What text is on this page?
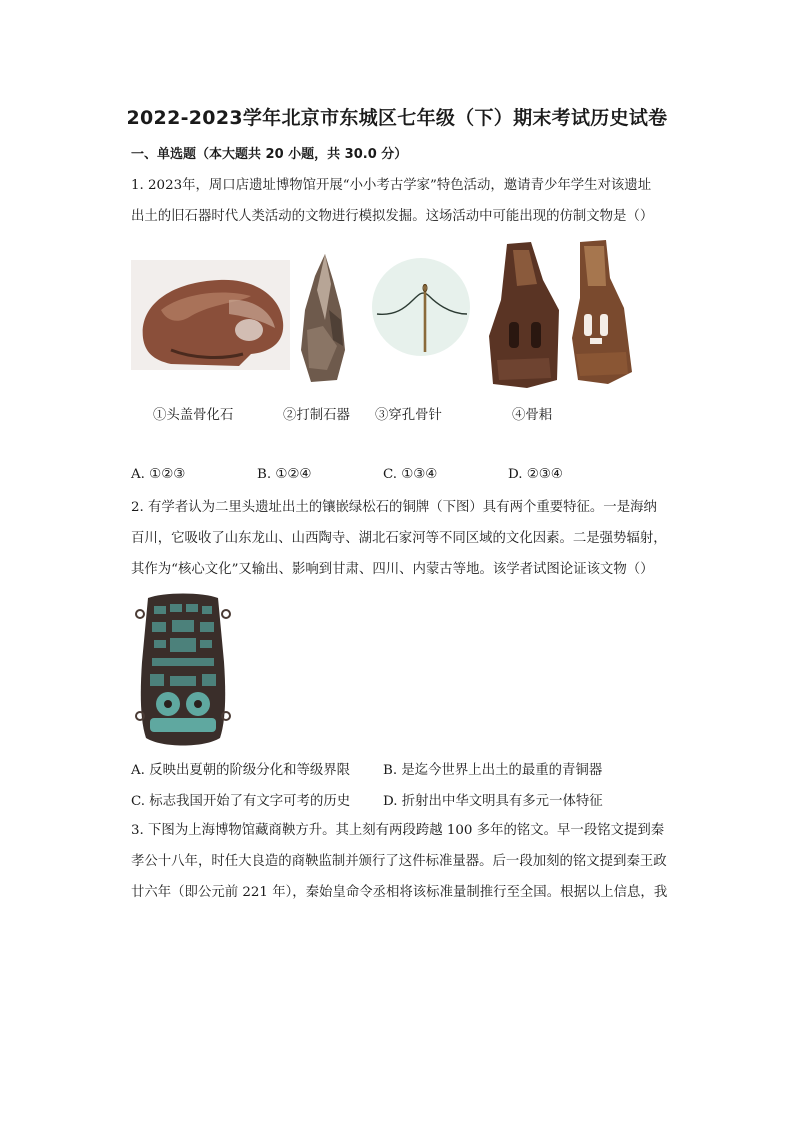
2022-2023学年北京市东城区七年级（下）期末考试历史试卷
一、单选题（本大题共 20 小题，共 30.0 分）
1. 2023年，周口店遗址博物馆开展“小小考古学家”特色活动，邀请青少年学生对该遗址
出土的旧石器时代人类活动的文物进行模拟发掘。这场活动中可能出现的仿制文物是（）
①头盖骨化石	②打制石器 ③穿孔骨针	④骨耜
A. ①②③	B. ①②④	C. ①③④	D. ②③④
2. 有学者认为二里头遗址出土的镶嵌绿松石的铜牌（下图）具有两个重要特征。一是海纳
百川，它吸收了山东龙山、山西陶寺、湖北石家河等不同区域的文化因素。二是强势辐射，
其作为“核心文化”又输出、影响到甘肃、四川、内蒙古等地。该学者试图论证该文物（）
A. 反映出夏朝的阶级分化和等级界限 B. 是迄今世界上出土的最重的青铜器
C. 标志我国开始了有文字可考的历史 D. 折射出中华文明具有多元一体特征
3. 下图为上海博物馆藏商鞅方升。其上刻有两段跨越 100 多年的铭文。早一段铭文提到秦
孝公十八年，时任大良造的商鞅监制并颁行了这件标准量器。后一段加刻的铭文提到秦王政
廿六年（即公元前 221 年），秦始皇命令丞相将该标准量制推行至全国。根据以上信息，我
